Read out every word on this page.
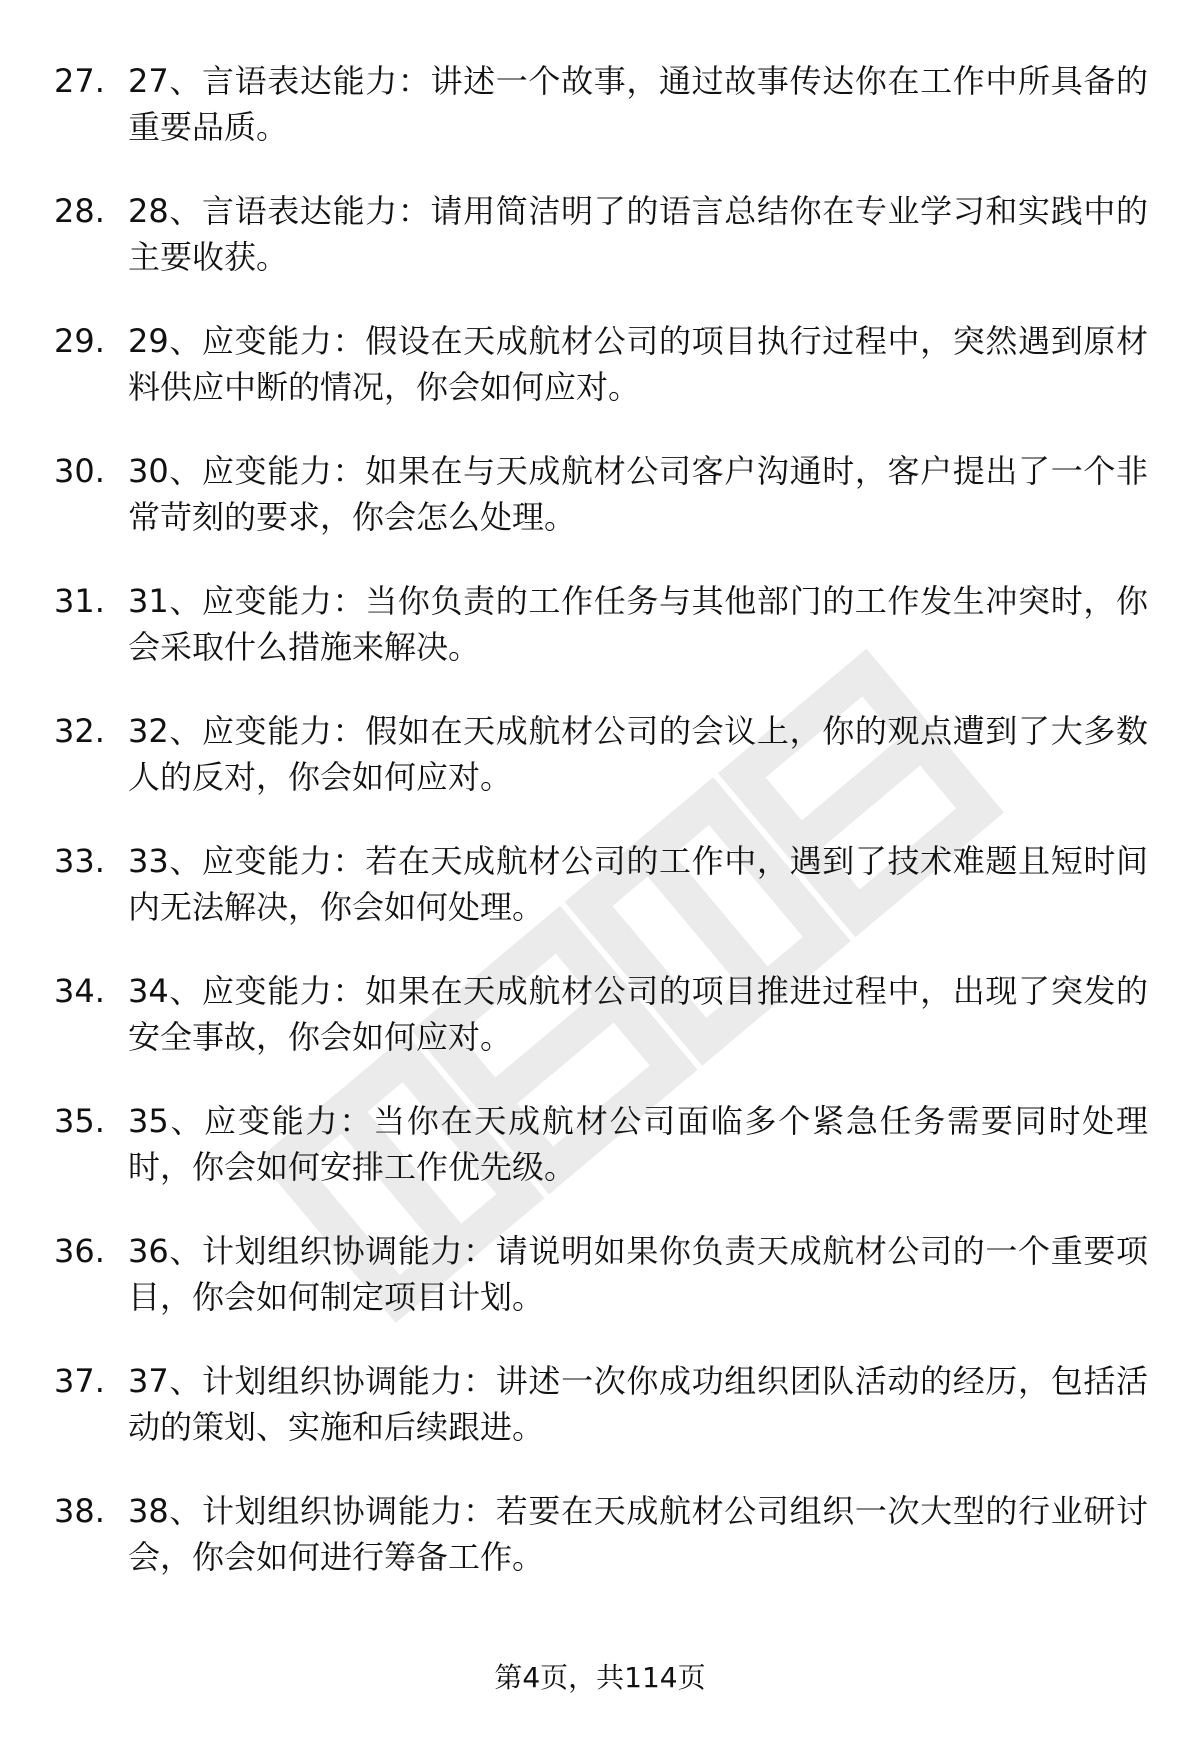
27. 27、言语表达能力：讲述一个故事，通过故事传达你在工作中所具备的重要品质。
28. 28、言语表达能力：请用简洁明了的语言总结你在专业学习和实践中的主要收获。
29. 29、应变能力：假设在天成航材公司的项目执行过程中，突然遇到原材料供应中断的情况，你会如何应对。
30. 30、应变能力：如果在与天成航材公司客户沟通时，客户提出了一个非常苛刻的要求，你会怎么处理。
31. 31、应变能力：当你负责的工作任务与其他部门的工作发生冲突时，你会采取什么措施来解决。
32. 32、应变能力：假如在天成航材公司的会议上，你的观点遭到了大多数人的反对，你会如何应对。
33. 33、应变能力：若在天成航材公司的工作中，遇到了技术难题且短时间内无法解决，你会如何处理。
34. 34、应变能力：如果在天成航材公司的项目推进过程中，出现了突发的安全事故，你会如何应对。
35. 35、应变能力：当你在天成航材公司面临多个紧急任务需要同时处理时，你会如何安排工作优先级。
36. 36、计划组织协调能力：请说明如果你负责天成航材公司的一个重要项目，你会如何制定项目计划。
37. 37、计划组织协调能力：讲述一次你成功组织团队活动的经历，包括活动的策划、实施和后续跟进。
38. 38、计划组织协调能力：若要在天成航材公司组织一次大型的行业研讨会，你会如何进行筹备工作。
第4页，共114页
